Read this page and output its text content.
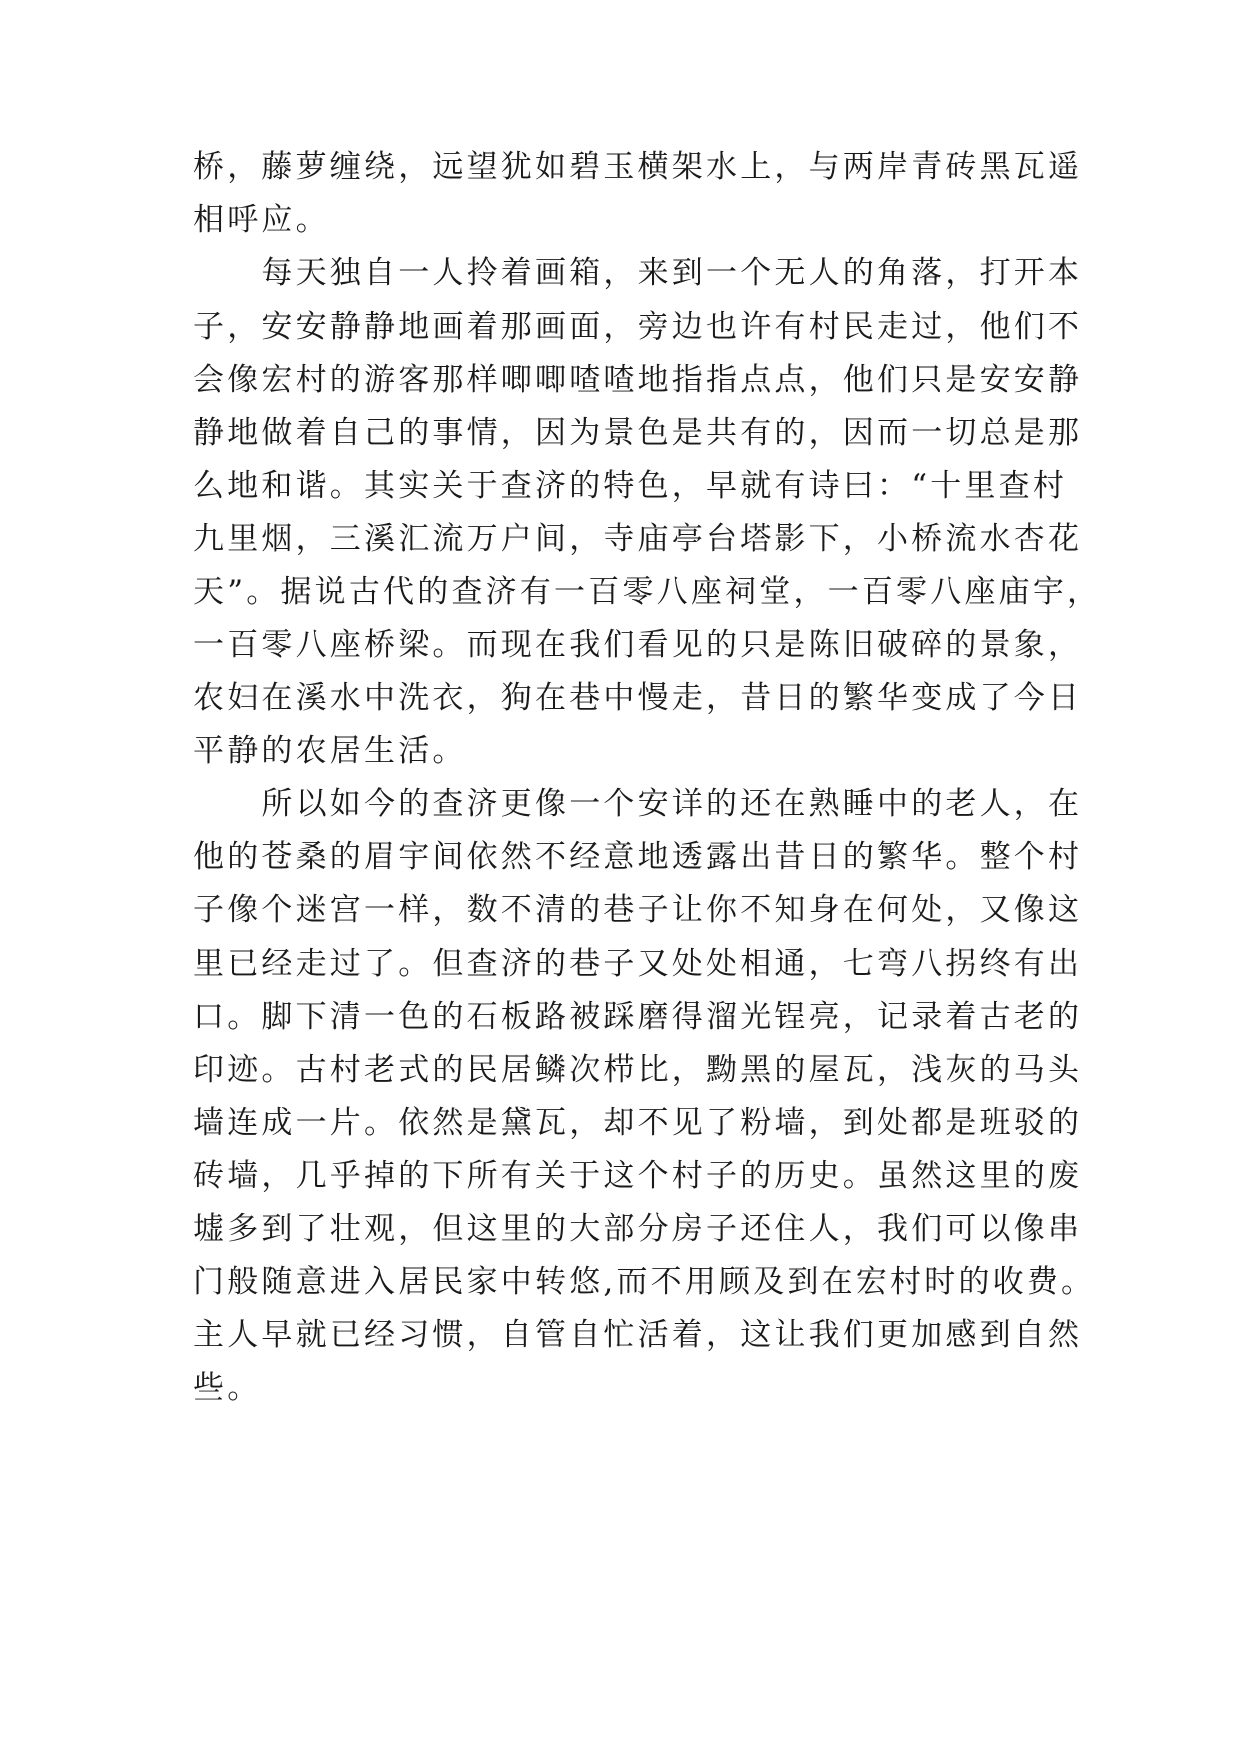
桥，藤萝缠绕，远望犹如碧玉横架水上，与两岸青砖黑瓦遥
相呼应。
　　每天独自一人拎着画箱，来到一个无人的角落，打开本
子，安安静静地画着那画面，旁边也许有村民走过，他们不
会像宏村的游客那样唧唧喳喳地指指点点，他们只是安安静
静地做着自己的事情，因为景色是共有的，因而一切总是那
么地和谐。其实关于查济的特色，早就有诗曰：“十里查村
九里烟，三溪汇流万户间，寺庙亭台塔影下，小桥流水杏花
天”。据说古代的查济有一百零八座祠堂，一百零八座庙宇，
一百零八座桥梁。而现在我们看见的只是陈旧破碎的景象，
农妇在溪水中洗衣，狗在巷中慢走，昔日的繁华变成了今日
平静的农居生活。
　　所以如今的查济更像一个安详的还在熟睡中的老人，在
他的苍桑的眉宇间依然不经意地透露出昔日的繁华。整个村
子像个迷宫一样，数不清的巷子让你不知身在何处，又像这
里已经走过了。但查济的巷子又处处相通，七弯八拐终有出
口。脚下清一色的石板路被踩磨得溜光锃亮，记录着古老的
印迹。古村老式的民居鳞次栉比，黝黑的屋瓦，浅灰的马头
墙连成一片。依然是黛瓦，却不见了粉墙，到处都是班驳的
砖墙，几乎掉的下所有关于这个村子的历史。虽然这里的废
墟多到了壮观，但这里的大部分房子还住人，我们可以像串
门般随意进入居民家中转悠,而不用顾及到在宏村时的收费。
主人早就已经习惯，自管自忙活着，这让我们更加感到自然
些。
